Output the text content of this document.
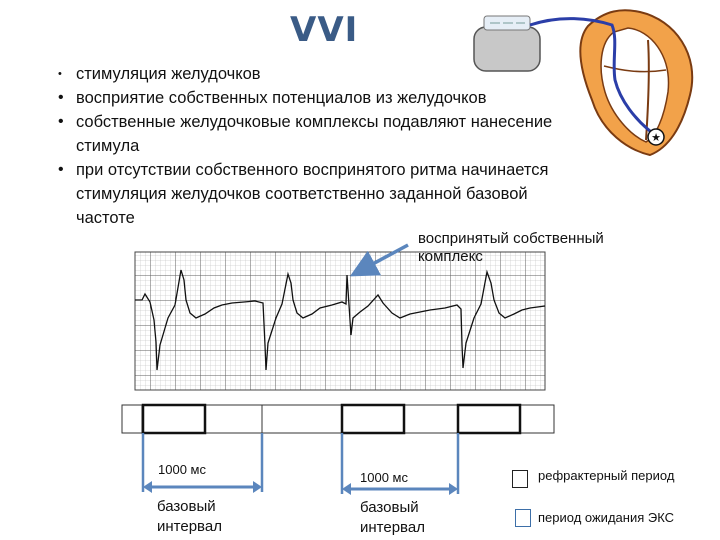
VVI
• стимуляция желудочков
• восприятие собственных потенциалов из желудочков
• собственные желудочковые комплексы подавляют нанесение стимула
• при отсутствии собственного воспринятого ритма начинается стимуляция желудочков соответственно заданной базовой частоте
★
воспринятый собственный комплекс
1000 мс
базовый интервал
1000 мс
базовый интервал
рефрактерный период
период ожидания ЭКС
